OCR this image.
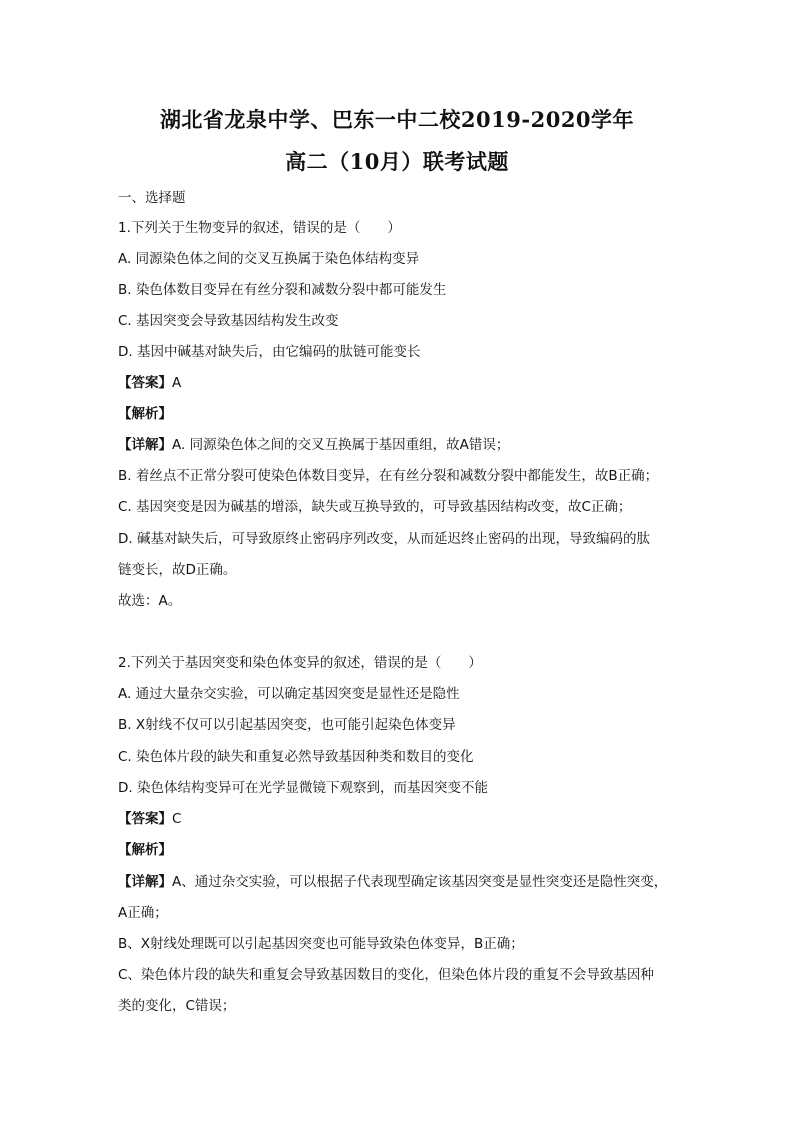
湖北省龙泉中学、巴东一中二校2019-2020学年
高二（10月）联考试题
一、选择题
1.下列关于生物变异的叙述，错误的是（　　）
A. 同源染色体之间的交叉互换属于染色体结构变异
B. 染色体数目变异在有丝分裂和减数分裂中都可能发生
C. 基因突变会导致基因结构发生改变
D. 基因中碱基对缺失后，由它编码的肽链可能变长
【答案】A
【解析】
【详解】A. 同源染色体之间的交叉互换属于基因重组，故A错误；
B. 着丝点不正常分裂可使染色体数目变异，在有丝分裂和减数分裂中都能发生，故B正确；
C. 基因突变是因为碱基的增添，缺失或互换导致的，可导致基因结构改变，故C正确；
D. 碱基对缺失后，可导致原终止密码序列改变，从而延迟终止密码的出现，导致编码的肽
链变长，故D正确。
故选：A。
2.下列关于基因突变和染色体变异的叙述，错误的是（　　）
A. 通过大量杂交实验，可以确定基因突变是显性还是隐性
B. X射线不仅可以引起基因突变，也可能引起染色体变异
C. 染色体片段的缺失和重复必然导致基因种类和数目的变化
D. 染色体结构变异可在光学显微镜下观察到，而基因突变不能
【答案】C
【解析】
【详解】A、通过杂交实验，可以根据子代表现型确定该基因突变是显性突变还是隐性突变，
A正确；
B、X射线处理既可以引起基因突变也可能导致染色体变异，B正确；
C、染色体片段的缺失和重复会导致基因数目的变化，但染色体片段的重复不会导致基因种
类的变化，C错误；
